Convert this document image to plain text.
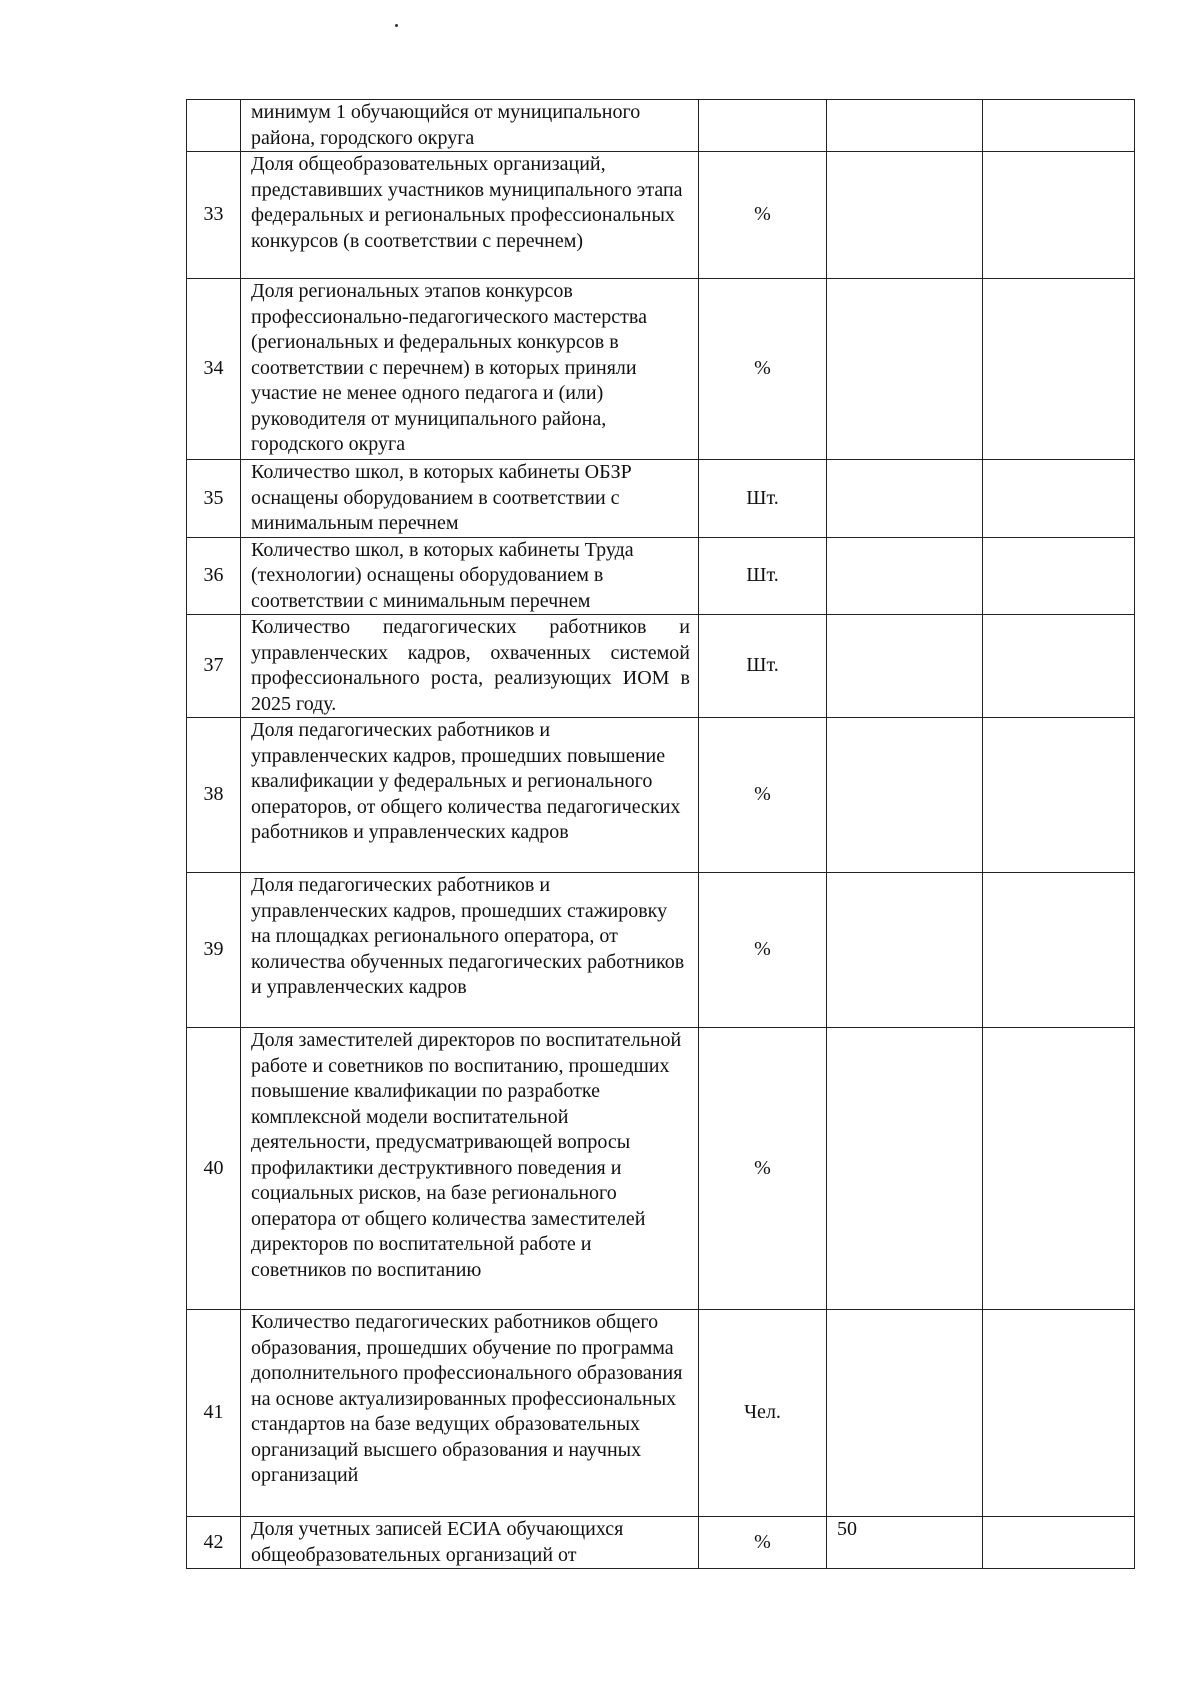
	минимум 1 обучающийся от муниципального района, городского округа			
33	Доля общеобразовательных организаций, представивших участников муниципального этапа федеральных и региональных профессиональных конкурсов (в соответствии с перечнем)	%		
34	Доля региональных этапов конкурсов профессионально-педагогического мастерства (региональных и федеральных конкурсов в соответствии с перечнем) в которых приняли участие не менее одного педагога и (или) руководителя от муниципального района, городского округа	%		
35	Количество школ, в которых кабинеты ОБЗР оснащены оборудованием в соответствии с минимальным перечнем	Шт.		
36	Количество школ, в которых кабинеты Труда (технологии) оснащены оборудованием в соответствии с минимальным перечнем	Шт.		
37	Количество педагогических работников и управленческих кадров, охваченных системой профессионального роста, реализующих ИОМ в 2025 году.	Шт.		
38	Доля педагогических работников и управленческих кадров, прошедших повышение квалификации у федеральных и регионального операторов, от общего количества педагогических работников и управленческих кадров	%		
39	Доля педагогических работников и управленческих кадров, прошедших стажировку на площадках регионального оператора, от количества обученных педагогических работников и управленческих кадров	%		
40	Доля заместителей директоров по воспитательной работе и советников по воспитанию, прошедших повышение квалификации по разработке комплексной модели воспитательной деятельности, предусматривающей вопросы профилактики деструктивного поведения и социальных рисков, на базе регионального оператора от общего количества заместителей директоров по воспитательной работе и советников по воспитанию	%		
41	Количество педагогических работников общего образования, прошедших обучение по программа дополнительного профессионального образования на основе актуализированных профессиональных стандартов на базе ведущих образовательных организаций высшего образования и научных организаций	Чел.		
42	Доля учетных записей ЕСИА обучающихся общеобразовательных организаций от	%	50	
